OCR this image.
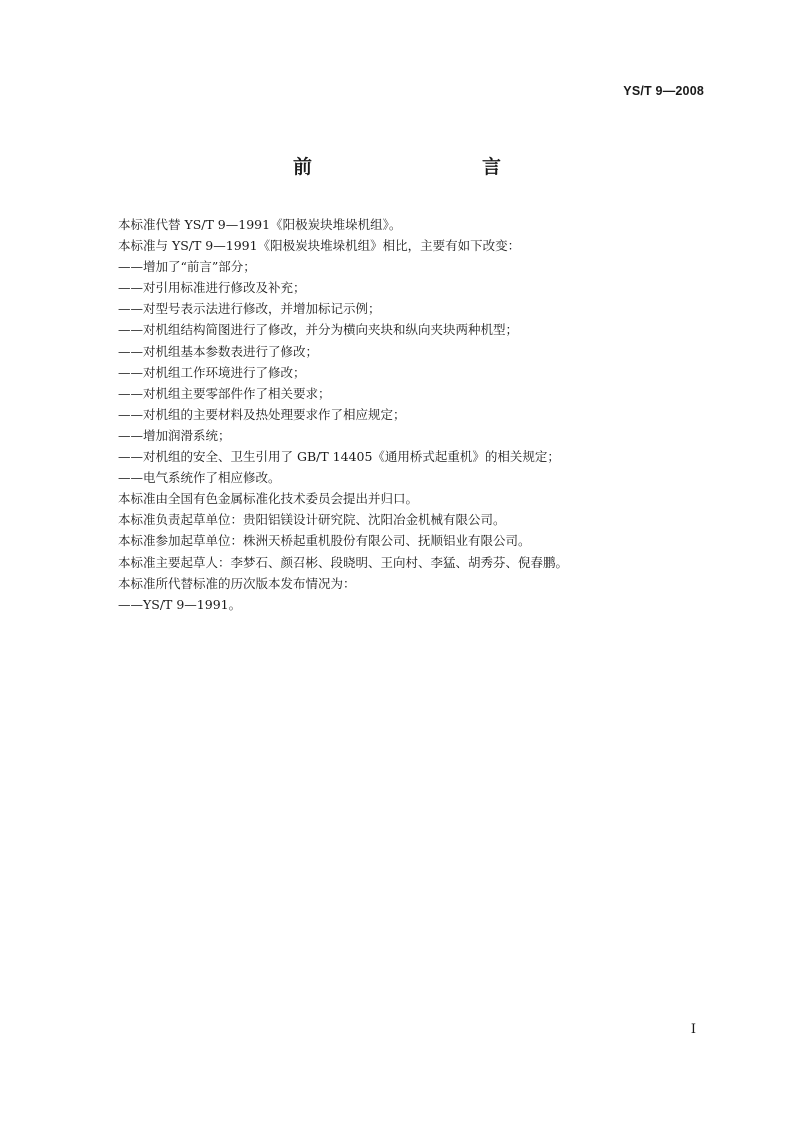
YS/T 9—2008
前　　言
本标准代替 YS/T 9—1991《阳极炭块堆垛机组》。
本标准与 YS/T 9—1991《阳极炭块堆垛机组》相比，主要有如下改变：
——增加了“前言”部分；
——对引用标准进行修改及补充；
——对型号表示法进行修改，并增加标记示例；
——对机组结构简图进行了修改，并分为横向夹块和纵向夹块两种机型；
——对机组基本参数表进行了修改；
——对机组工作环境进行了修改；
——对机组主要零部件作了相关要求；
——对机组的主要材料及热处理要求作了相应规定；
——增加润滑系统；
——对机组的安全、卫生引用了 GB/T 14405《通用桥式起重机》的相关规定；
——电气系统作了相应修改。
本标准由全国有色金属标准化技术委员会提出并归口。
本标准负责起草单位：贵阳铝镁设计研究院、沈阳冶金机械有限公司。
本标准参加起草单位：株洲天桥起重机股份有限公司、抚顺铝业有限公司。
本标准主要起草人：李梦石、颜召彬、段晓明、王向村、李猛、胡秀芬、倪春鹏。
本标准所代替标准的历次版本发布情况为：
——YS/T 9—1991。
I
